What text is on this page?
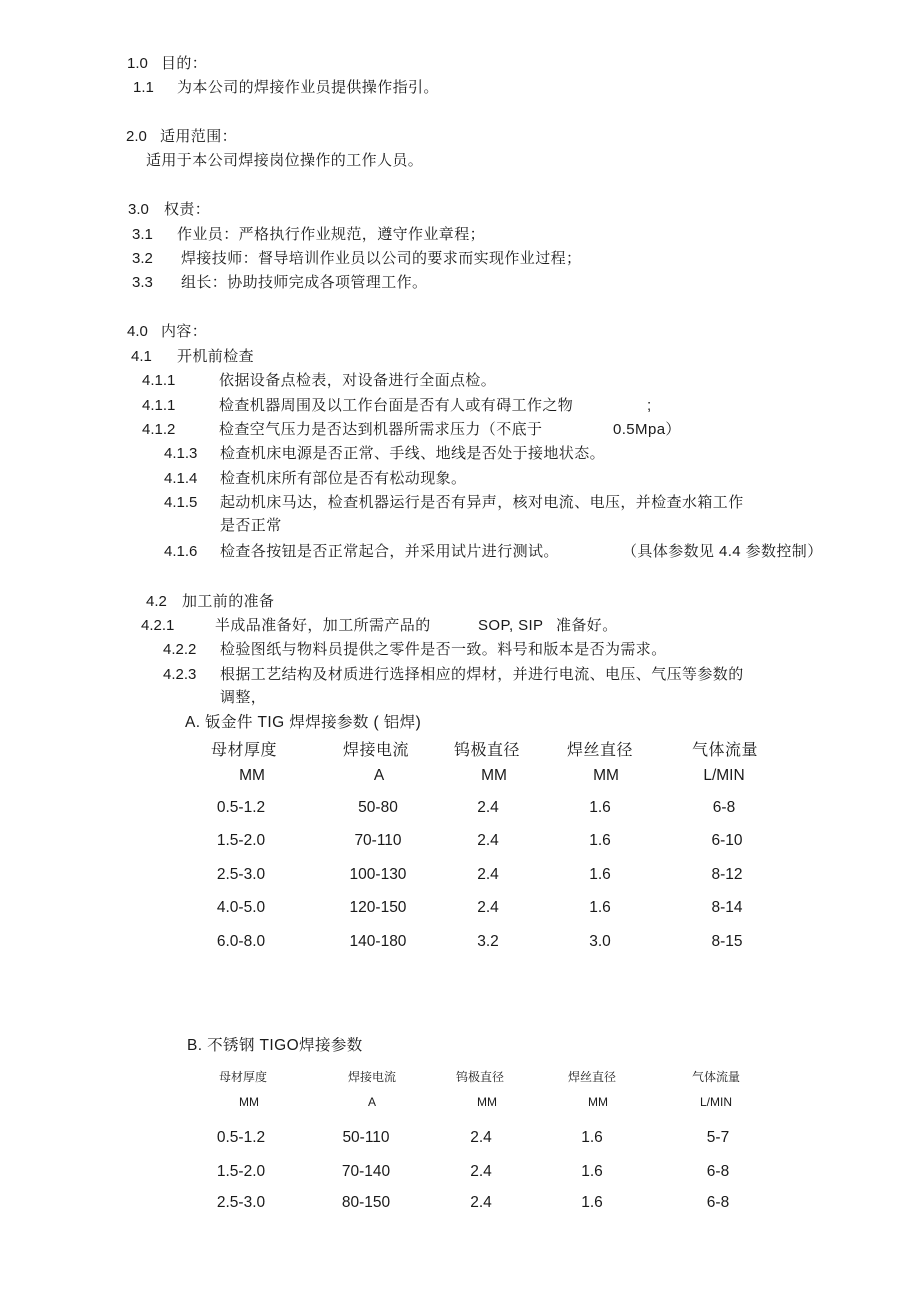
1.0 目的：
1.1 为本公司的焊接作业员提供操作指引。
2.0 适用范围：
适用于本公司焊接岗位操作的工作人员。
3.0 权责：
3.1 作业员：严格执行作业规范，遵守作业章程；
3.2 焊接技师：督导培训作业员以公司的要求而实现作业过程；
3.3 组长：协助技师完成各项管理工作。
4.0 内容：
4.1 开机前检查
4.1.1	依据设备点检表，对设备进行全面点检。
4.1.1	检查机器周围及以工作台面是否有人或有碍工作之物	;
4.1.2	检查空气压力是否达到机器所需求压力（不底于	0.5Mpa）
4.1.3 检查机床电源是否正常、手线、地线是否处于接地状态。
4.1.4 检查机床所有部位是否有松动现象。
4.1.5 起动机床马达，检查机器运行是否有异声，核对电流、电压，并检查水箱工作
是否正常
4.1.6 检查各按钮是否正常起合，并采用试片进行测试。	（具体参数见 4.4 参数控制）
4.2 加工前的准备
4.2.1	半成品准备好，加工所需产品的	SOP, SIP 准备好。
4.2.2 检验图纸与物料员提供之零件是否一致。料号和版本是否为需求。
4.2.3 根据工艺结构及材质进行选择相应的焊材，并进行电流、电压、气压等参数的
调整，
A. 钣金件 TIG 焊焊接参数 ( 铝焊)
母材厚度	焊接电流	钨极直径	焊丝直径	气体流量
MM	A	MM	MM	L/MIN
0.5-1.2	50-80	2.4	1.6	6-8
1.5-2.0	70-110	2.4	1.6	6-10
2.5-3.0	100-130	2.4	1.6	8-12
4.0-5.0	120-150	2.4	1.6	8-14
6.0-8.0	140-180	3.2	3.0	8-15
B. 不锈钢 TIGO焊接参数
母材厚度	焊接电流	钨极直径	焊丝直径	气体流量
MM	A	MM	MM	L/MIN
0.5-1.2	50-110	2.4	1.6	5-7
1.5-2.0	70-140	2.4	1.6	6-8
2.5-3.0	80-150	2.4	1.6	6-8
